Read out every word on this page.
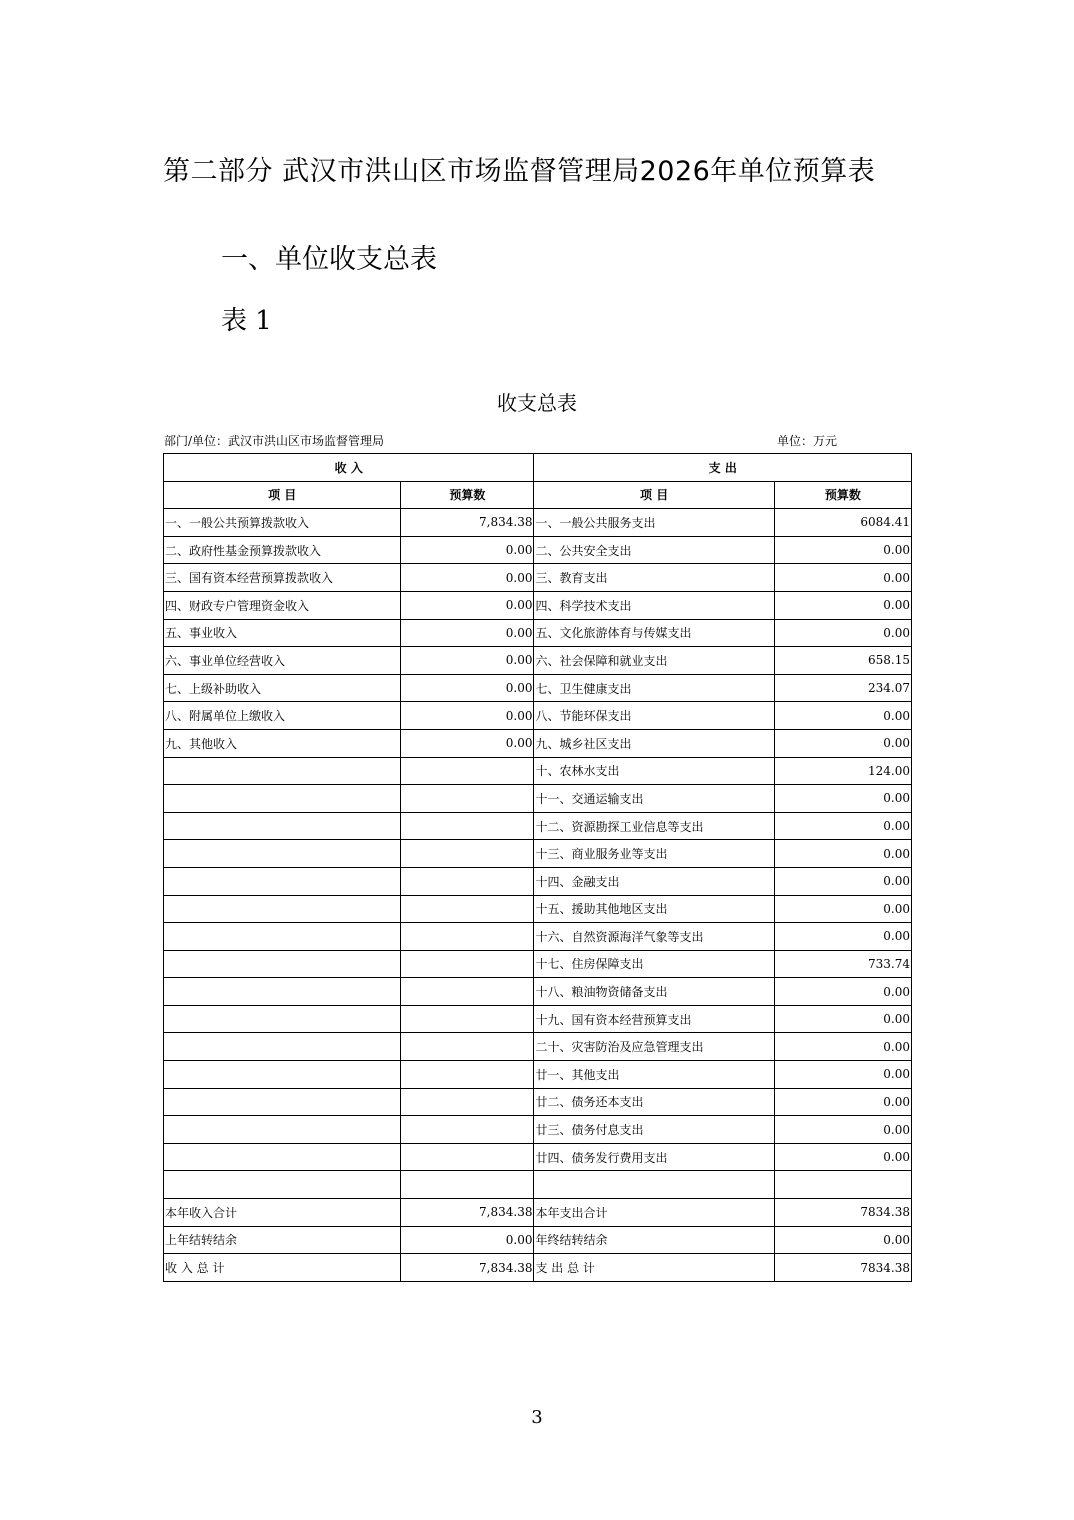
第二部分 武汉市洪山区市场监督管理局2026年单位预算表
一、单位收支总表
表 1
收支总表
部门/单位：武汉市洪山区市场监督管理局	单位：万元
收 入		支 出	
项 目	预算数	项 目	预算数
一、一般公共预算拨款收入	7,834.38	一、一般公共服务支出	6084.41
二、政府性基金预算拨款收入	0.00	二、公共安全支出	0.00
三、国有资本经营预算拨款收入	0.00	三、教育支出	0.00
四、财政专户管理资金收入	0.00	四、科学技术支出	0.00
五、事业收入	0.00	五、文化旅游体育与传媒支出	0.00
六、事业单位经营收入	0.00	六、社会保障和就业支出	658.15
七、上级补助收入	0.00	七、卫生健康支出	234.07
八、附属单位上缴收入	0.00	八、节能环保支出	0.00
九、其他收入	0.00	九、城乡社区支出	0.00
		十、农林水支出	124.00
		十一、交通运输支出	0.00
		十二、资源勘探工业信息等支出	0.00
		十三、商业服务业等支出	0.00
		十四、金融支出	0.00
		十五、援助其他地区支出	0.00
		十六、自然资源海洋气象等支出	0.00
		十七、住房保障支出	733.74
		十八、粮油物资储备支出	0.00
		十九、国有资本经营预算支出	0.00
		二十、灾害防治及应急管理支出	0.00
		廿一、其他支出	0.00
		廿二、债务还本支出	0.00
		廿三、债务付息支出	0.00
		廿四、债务发行费用支出	0.00

本年收入合计	7,834.38	本年支出合计	7834.38
上年结转结余	0.00	年终结转结余	0.00
收 入 总 计	7,834.38	支 出 总 计	7834.38
3
